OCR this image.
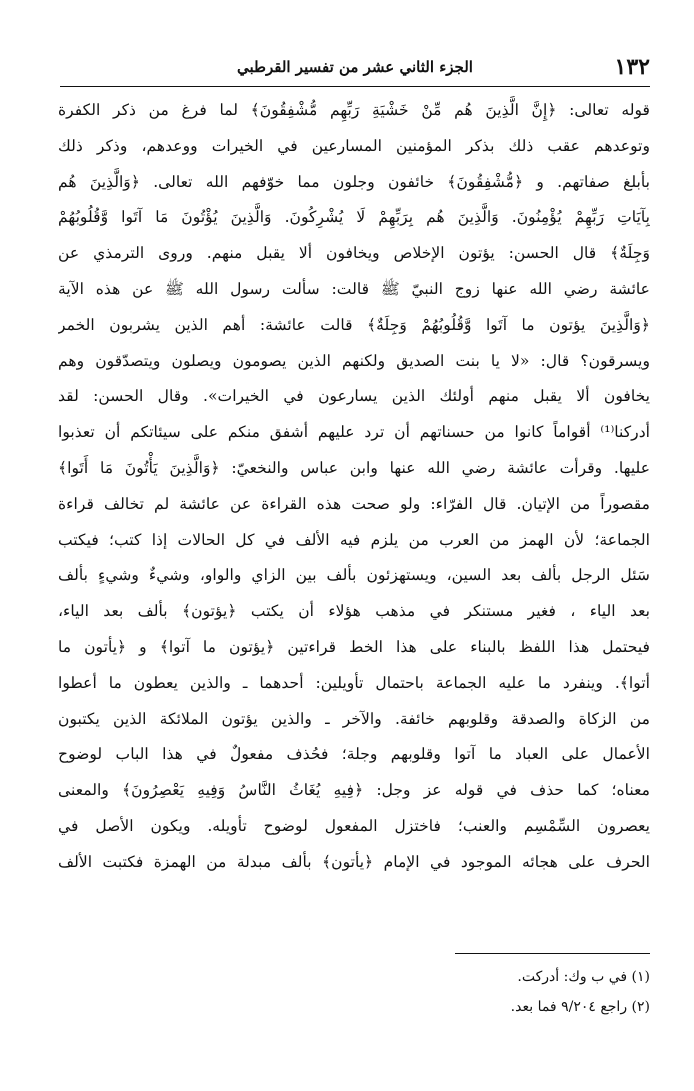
١٣٢
الجزء الثاني عشر من تفسير القرطبي
قوله تعالى: ﴿إِنَّ الَّذِينَ هُم مِّنْ خَشْيَةِ رَبِّهِم مُّشْفِقُونَ﴾ لما فرغ من ذكر الكفرة
وتوعدهم عقب ذلك بذكر المؤمنين المسارعين في الخيرات ووعدهم، وذكر ذلك
بأبلغ صفاتهم. و ﴿مُّشْفِقُونَ﴾ خائفون وجلون مما خوّفهم الله تعالى. ﴿وَالَّذِينَ هُم
بِآيَاتِ رَبِّهِمْ يُؤْمِنُونَ. وَالَّذِينَ هُم بِرَبِّهِمْ لَا يُشْرِكُونَ. وَالَّذِينَ يُؤْتُونَ مَا آتَوا وَّقُلُوبُهُمْ
وَجِلَةٌ﴾ قال الحسن: يؤتون الإخلاص ويخافون ألا يقبل منهم. وروى الترمذي عن
عائشة رضي الله عنها زوج النبيّ ﷺ قالت: سألت رسول الله ﷺ عن هذه الآية
﴿وَالَّذِينَ يؤتون ما آتَوا وَّقُلُوبُهُمْ وَجِلَةٌ﴾ قالت عائشة: أهم الذين يشربون الخمر
ويسرقون؟ قال: «لا يا بنت الصديق ولكنهم الذين يصومون ويصلون ويتصدّقون وهم
يخافون ألا يقبل منهم أولئك الذين يسارعون في الخيرات». وقال الحسن: لقد
أدركنا⁽¹⁾ أقواماً كانوا من حسناتهم أن ترد عليهم أشفق منكم على سيئاتكم أن تعذبوا
عليها. وقرأت عائشة رضي الله عنها وابن عباس والنخعيّ: ﴿وَالَّذِينَ يَأْتُونَ مَا أَتَوا﴾
مقصوراً من الإتيان. قال الفرّاء: ولو صحت هذه القراءة عن عائشة لم تخالف قراءة
الجماعة؛ لأن الهمز من العرب من يلزم فيه الألف في كل الحالات إذا كتب؛ فيكتب
سَئل الرجل بألف بعد السين، ويستهزئون بألف بين الزاي والواو، وشيءٌ وشيءٍ بألف
بعد الياء ، فغير مستنكر في مذهب هؤلاء أن يكتب ﴿يؤتون﴾ بألف بعد الياء،
فيحتمل هذا اللفظ بالبناء على هذا الخط قراءتين ﴿يؤتون ما آتوا﴾ و ﴿يأتون ما
أتوا﴾. وينفرد ما عليه الجماعة باحتمال تأويلين: أحدهما ـ والذين يعطون ما أعطوا
من الزكاة والصدقة وقلوبهم خائفة. والآخر ـ والذين يؤتون الملائكة الذين يكتبون
الأعمال على العباد ما آتوا وقلوبهم وجلة؛ فحُذف مفعولٌ في هذا الباب لوضوح
معناه؛ كما حذف في قوله عز وجل: ﴿فِيهِ يُغَاثُ النَّاسُ وَفِيهِ يَعْصِرُونَ﴾ والمعنى
يعصرون السِّمْسِم والعنب؛ فاختزل المفعول لوضوح تأويله. ويكون الأصل في
الحرف على هجائه الموجود في الإمام ﴿يأتون﴾ بألف مبدلة من الهمزة فكتبت الألف
(١) في ب وك: أدركت.
(٢) راجع ٩/٢٠٤ فما بعد.
